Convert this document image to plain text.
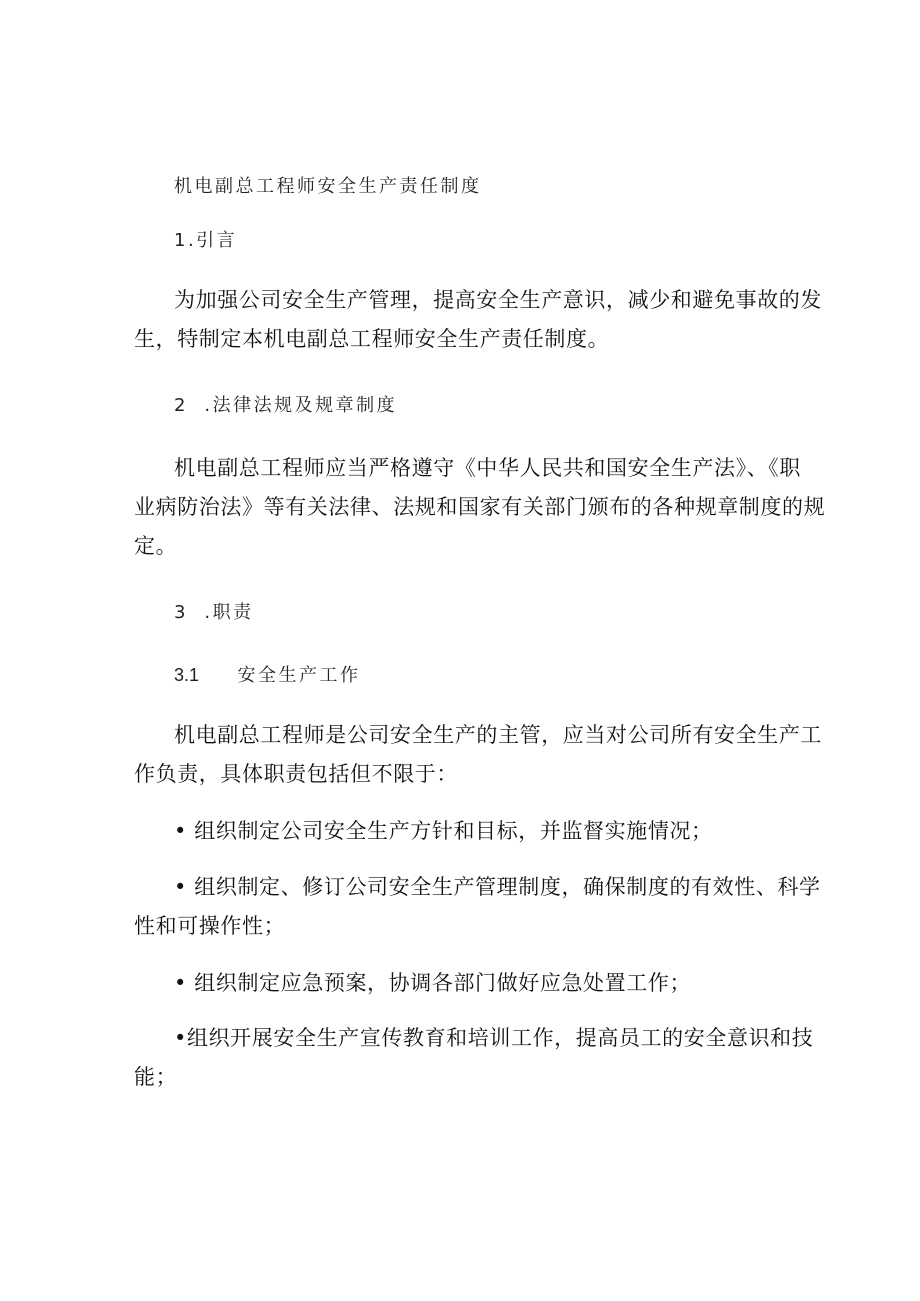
机电副总工程师安全生产责任制度
1.引言
为加强公司安全生产管理，提高安全生产意识，减少和避免事故的发
生，特制定本机电副总工程师安全生产责任制度。
2  .法律法规及规章制度
机电副总工程师应当严格遵守《中华人民共和国安全生产法》、《职
业病防治法》等有关法律、法规和国家有关部门颁布的各种规章制度的规
定。
3  .职责
3.1 安全生产工作
机电副总工程师是公司安全生产的主管，应当对公司所有安全生产工
作负责，具体职责包括但不限于：
• 组织制定公司安全生产方针和目标，并监督实施情况；
• 组织制定、修订公司安全生产管理制度，确保制度的有效性、科学
性和可操作性；
• 组织制定应急预案，协调各部门做好应急处置工作；
•组织开展安全生产宣传教育和培训工作，提高员工的安全意识和技
能；
